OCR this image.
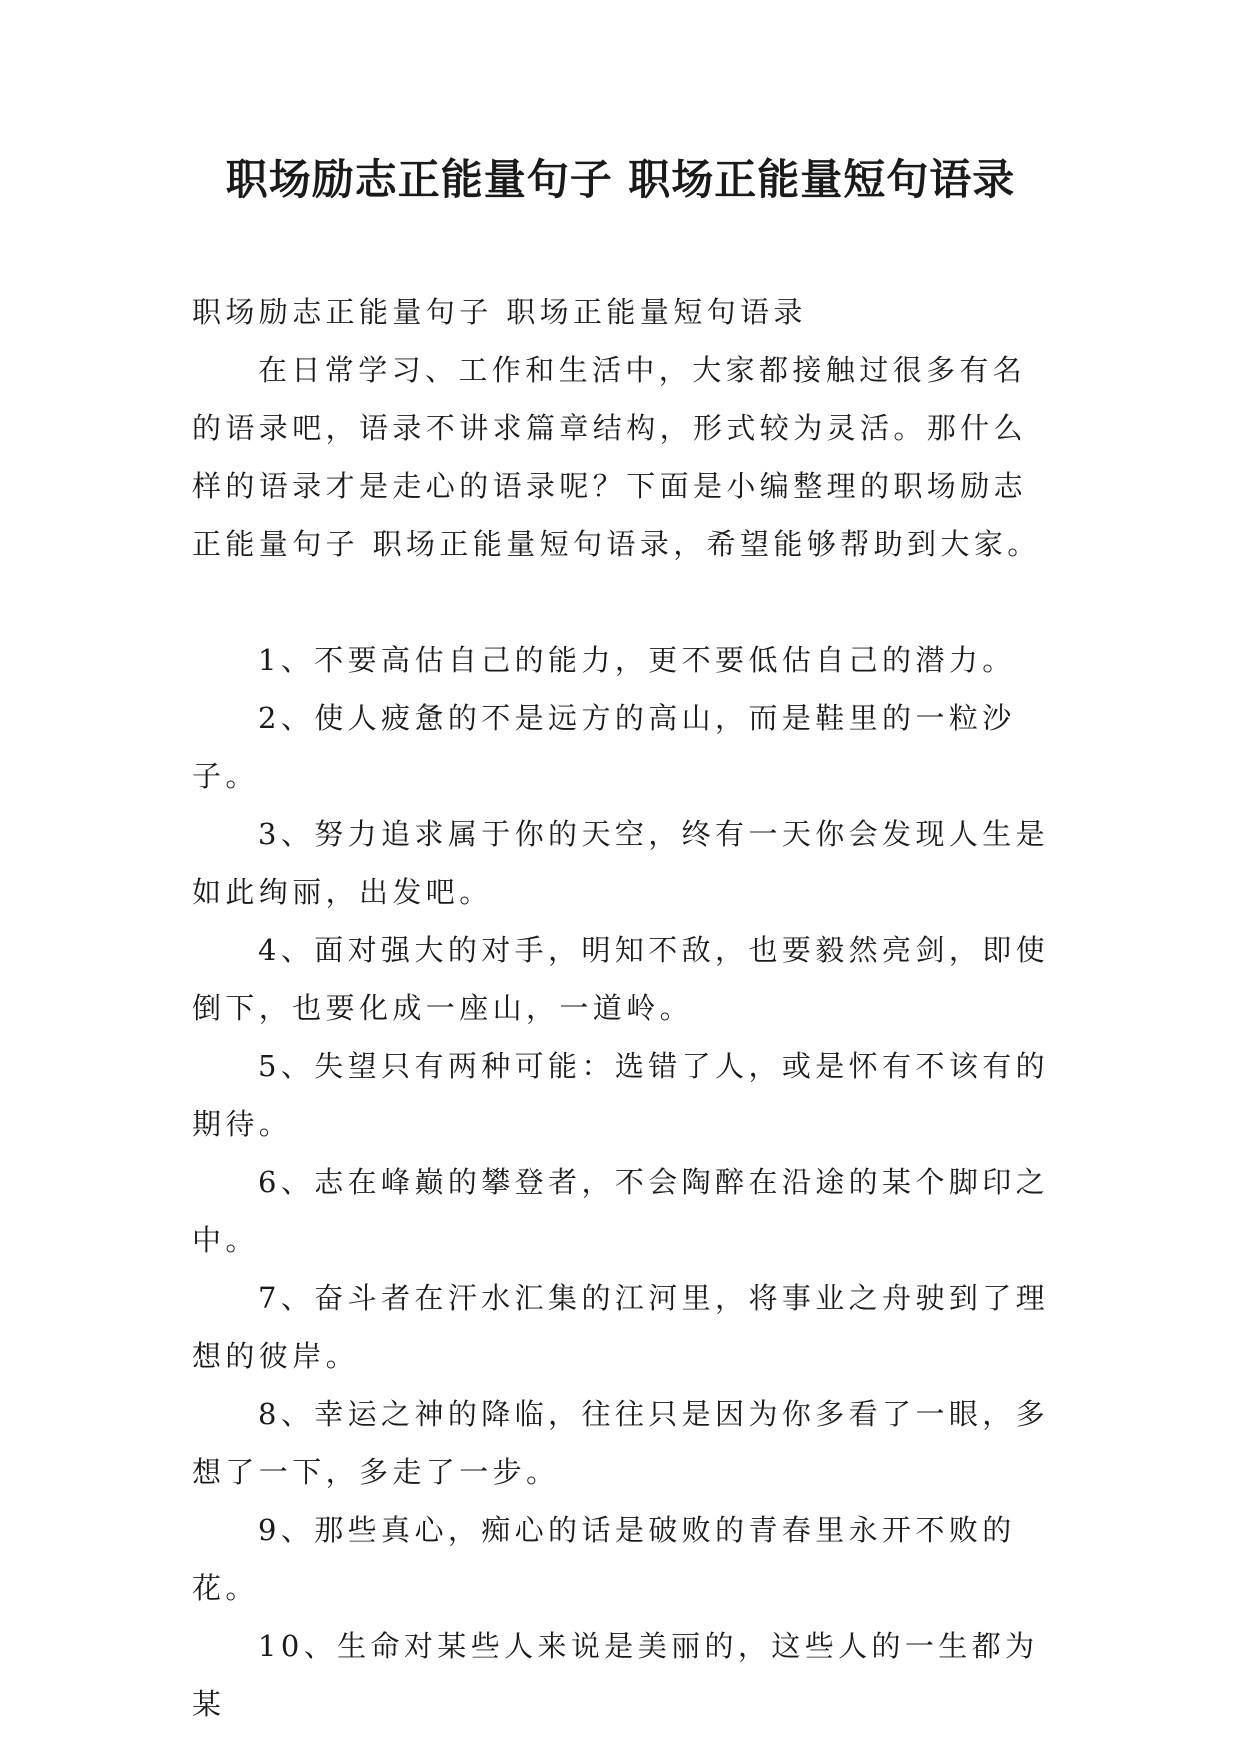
职场励志正能量句子 职场正能量短句语录

职场励志正能量句子 职场正能量短句语录

在日常学习、工作和生活中，大家都接触过很多有名的语录吧，语录不讲求篇章结构，形式较为灵活。那什么样的语录才是走心的语录呢？下面是小编整理的职场励志正能量句子 职场正能量短句语录，希望能够帮助到大家。

1、不要高估自己的能力，更不要低估自己的潜力。

2、使人疲惫的不是远方的高山，而是鞋里的一粒沙子。

3、努力追求属于你的天空，终有一天你会发现人生是如此绚丽，出发吧。

4、面对强大的对手，明知不敌，也要毅然亮剑，即使倒下，也要化成一座山，一道岭。

5、失望只有两种可能：选错了人，或是怀有不该有的期待。

6、志在峰巅的攀登者，不会陶醉在沿途的某个脚印之中。

7、奋斗者在汗水汇集的江河里，将事业之舟驶到了理想的彼岸。

8、幸运之神的降临，往往只是因为你多看了一眼，多想了一下，多走了一步。

9、那些真心，痴心的话是破败的青春里永开不败的花。

10、生命对某些人来说是美丽的，这些人的一生都为某
